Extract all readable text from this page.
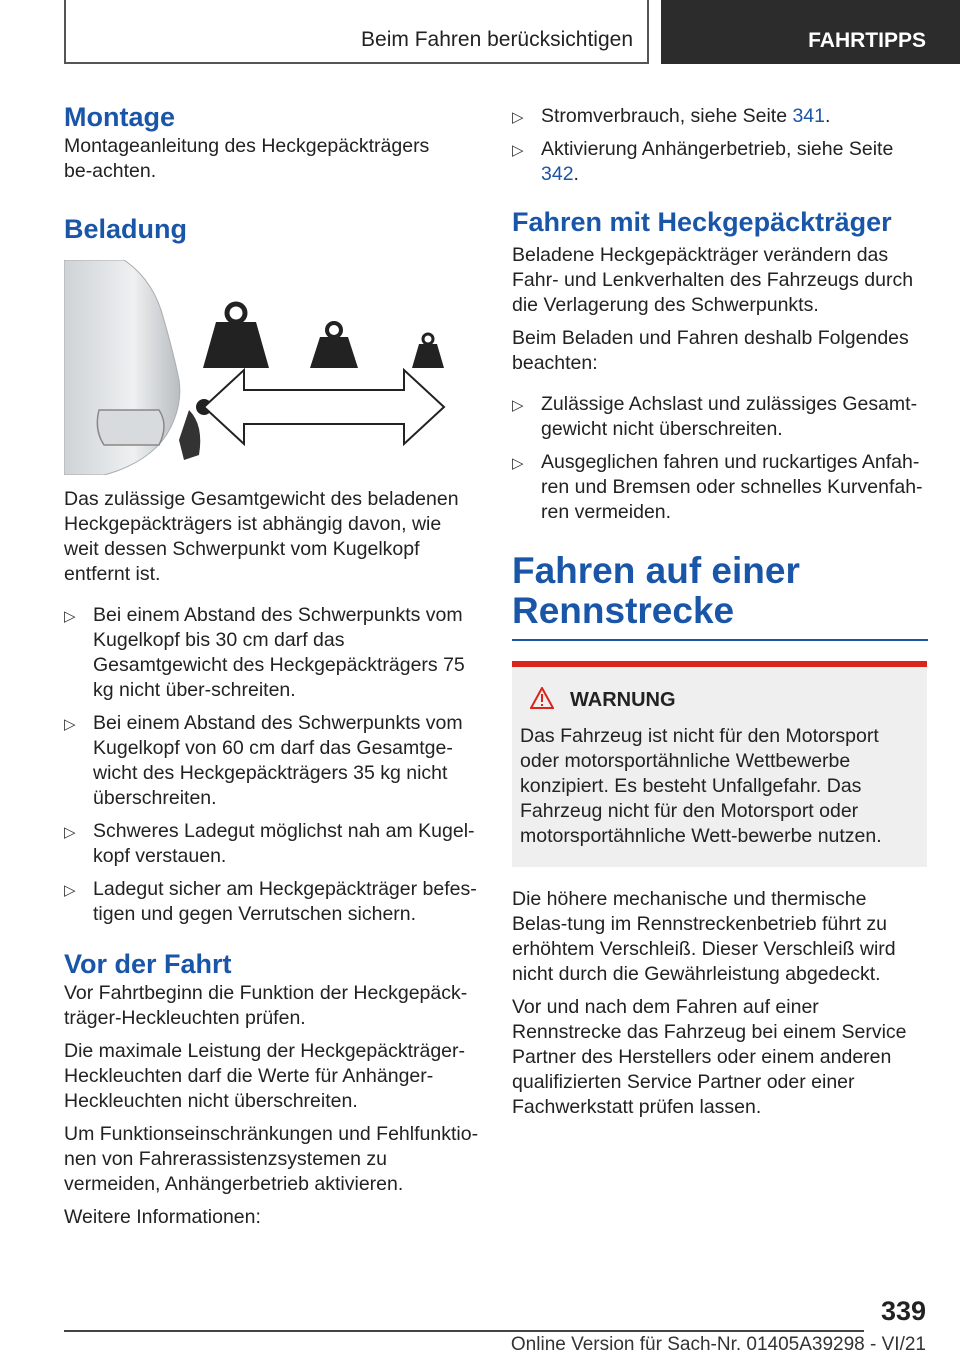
Beim Fahren berücksichtigen	FAHRTIPPS
Montage

Montageanleitung des Heckgepäckträgers be-achten.

Beladung

Das zulässige Gesamtgewicht des beladenen Heckgepäckträgers ist abhängig davon, wie weit dessen Schwerpunkt vom Kugelkopf entfernt ist.

▷ Bei einem Abstand des Schwerpunkts vom Kugelkopf bis 30 cm darf das Gesamtgewicht des Heckgepäckträgers 75 kg nicht über-schreiten.
▷ Bei einem Abstand des Schwerpunkts vom Kugelkopf von 60 cm darf das Gesamtge-wicht des Heckgepäckträgers 35 kg nicht überschreiten.
▷ Schweres Ladegut möglichst nah am Kugel-kopf verstauen.
▷ Ladegut sicher am Heckgepäckträger befes-tigen und gegen Verrutschen sichern.
Vor der Fahrt

Vor Fahrtbeginn die Funktion der Heckgepäck-träger-Heckleuchten prüfen.

Die maximale Leistung der Heckgepäckträger-Heckleuchten darf die Werte für Anhänger-Heckleuchten nicht überschreiten.

Um Funktionseinschränkungen und Fehlfunktio-nen von Fahrerassistenzsystemen zu vermeiden, Anhängerbetrieb aktivieren.

Weitere Informationen:

▷ Stromverbrauch, siehe Seite 341.
▷ Aktivierung Anhängerbetrieb, siehe Seite 342.
Fahren mit Heckgepäckträger

Beladene Heckgepäckträger verändern das Fahr- und Lenkverhalten des Fahrzeugs durch die Verlagerung des Schwerpunkts.

Beim Beladen und Fahren deshalb Folgendes beachten:

▷ Zulässige Achslast und zulässiges Gesamt-gewicht nicht überschreiten.
▷ Ausgeglichen fahren und ruckartiges Anfah-ren und Bremsen oder schnelles Kurvenfah-ren vermeiden.
Fahren auf einer
Rennstrecke
WARNUNG

Das Fahrzeug ist nicht für den Motorsport oder motorsportähnliche Wettbewerbe konzipiert. Es besteht Unfallgefahr. Das Fahrzeug nicht für den Motorsport oder motorsportähnliche Wett-bewerbe nutzen.

Die höhere mechanische und thermische Belas-tung im Rennstreckenbetrieb führt zu erhöhtem Verschleiß. Dieser Verschleiß wird nicht durch die Gewährleistung abgedeckt.

Vor und nach dem Fahren auf einer Rennstrecke das Fahrzeug bei einem Service Partner des Herstellers oder einem anderen qualifizierten Service Partner oder einer Fachwerkstatt prüfen lassen.

339
Online Version für Sach-Nr. 01405A39298 - VI/21
